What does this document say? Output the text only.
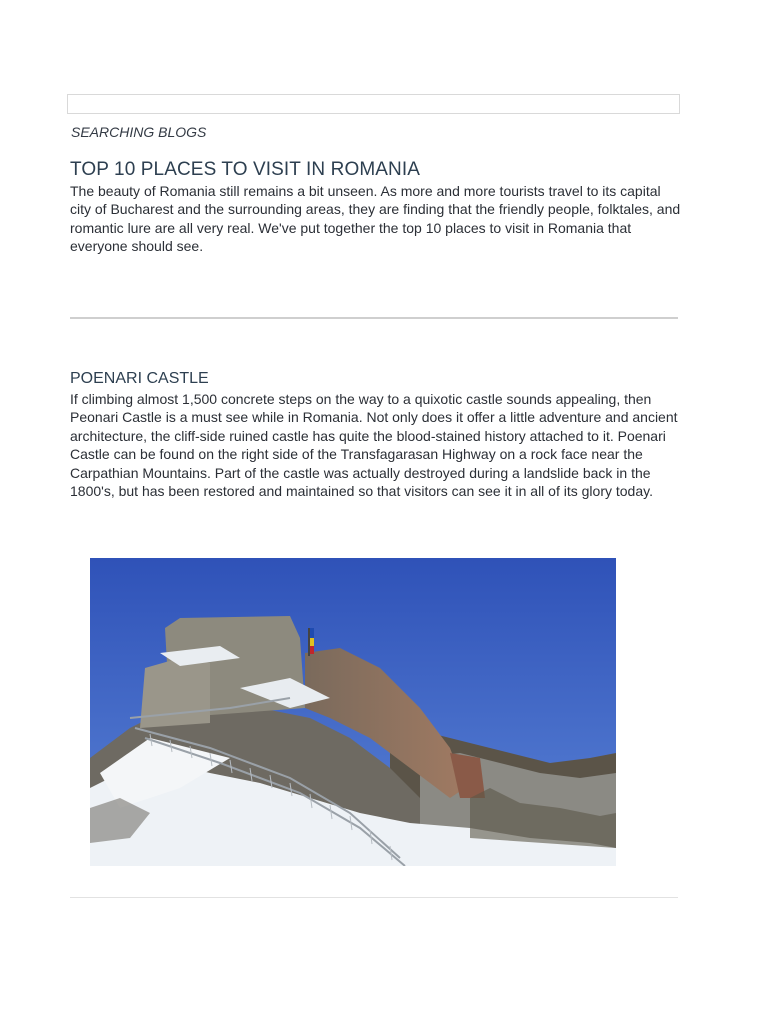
SEARCHING BLOGS

TOP 10 PLACES TO VISIT IN ROMANIA

The beauty of Romania still remains a bit unseen. As more and more tourists travel to its capital city of Bucharest and the surrounding areas, they are finding that the friendly people, folktales, and romantic lure are all very real. We've put together the top 10 places to visit in Romania that everyone should see.

POENARI CASTLE

If climbing almost 1,500 concrete steps on the way to a quixotic castle sounds appealing, then Peonari Castle is a must see while in Romania. Not only does it offer a little adventure and ancient architecture, the cliff-side ruined castle has quite the blood-stained history attached to it. Poenari Castle can be found on the right side of the Transfagarasan Highway on a rock face near the Carpathian Mountains. Part of the castle was actually destroyed during a landslide back in the 1800's, but has been restored and maintained so that visitors can see it in all of its glory today.
